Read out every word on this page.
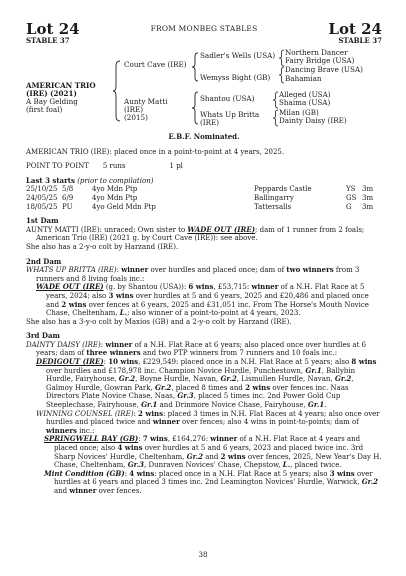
Lot 24	FROM MONBEG STABLES	Lot 24
STABLE 37	STABLE 37
AMERICAN TRIO
(IRE) (2021)
A Bay Gelding
(first foal)
Court Cave (IRE)
Aunty Matti
(IRE)
(2015)
Sadler's Wells (USA)
Wemyss Bight (GB)
Shantou (USA)
Whats Up Britta
(IRE)
Northern Dancer
Fairy Bridge (USA)
Dancing Brave (USA)
Bahamian
Alleged (USA)
Shaima (USA)
Milan (GB)
Dainty Daisy (IRE)
E.B.F. Nominated.

AMERICAN TRIO (IRE): placed once in a point-to-point at 4 years, 2025.

POINT TO POINT 5 runs	1 pl

Last 3 starts (prior to compilation)

25/10/25 5/8	4yo Mdn Ptp	Peppards Castle	YS 3m
24/05/25 6/9	4yo Mdn Ptp	Ballingarry	GS 3m
18/05/25 PU	4yo Geld Mdn Ptp	Tattersalls	G	3m
1st Dam

AUNTY MATTI (IRE): unraced; Own sister to WADE OUT (IRE); dam of 1 runner from 2 foals;

American Trio (IRE) (2021 g. by Court Cave (IRE)): see above.

She also has a 2-y-o colt by Harzand (IRE).

2nd Dam

WHATS UP BRITTA (IRE): winner over hurdles and placed once; dam of two winners from 3 runners and 8 living foals inc.:

WADE OUT (IRE) (g. by Shantou (USA)): 6 wins, £53,715: winner of a N.H. Flat Race at 5 years, 2024; also 3 wins over hurdles at 5 and 6 years, 2025 and £20,486 and placed once and 2 wins over fences at 6 years, 2025 and £31,051 inc. From The Horse's Mouth Novice Chase, Cheltenham, L.; also winner of a point-to-point at 4 years, 2023.

She also has a 3-y-o colt by Maxios (GB) and a 2-y-o colt by Harzand (IRE).

3rd Dam

DAINTY DAISY (IRE): winner of a N.H. Flat Race at 6 years; also placed once over hurdles at 6 years; dam of three winners and two PTP winners from 7 runners and 10 foals inc.:

DEDIGOUT (IRE): 10 wins, £229,549: placed once in a N.H. Flat Race at 5 years; also 8 wins over hurdles and £178,978 inc. Champion Novice Hurdle, Punchestown, Gr.1, Ballybin Hurdle, Fairyhouse, Gr.2, Boyne Hurdle, Navan, Gr.2, Lismullen Hurdle, Navan, Gr.2, Galmoy Hurdle, Gowran Park, Gr.2, placed 8 times and 2 wins over fences inc. Naas Directors Plate Novice Chase, Naas, Gr.3, placed 5 times inc. 2nd Power Gold Cup Steeplechase, Fairyhouse, Gr.1 and Drinmore Novice Chase, Fairyhouse, Gr.1.

WINNING COUNSEL (IRE): 2 wins: placed 3 times in N.H. Flat Races at 4 years; also once over hurdles and placed twice and winner over fences; also 4 wins in point-to-points; dam of winners inc.:

SPRINGWELL BAY (GB): 7 wins, £164,276: winner of a N.H. Flat Race at 4 years and placed once; also 4 wins over hurdles at 5 and 6 years, 2023 and placed twice inc. 3rd Sharp Novices' Hurdle, Cheltenham, Gr.2 and 2 wins over fences, 2025, New Year's Day H. Chase, Cheltenham, Gr.3, Dunraven Novices' Chase, Chepstow, L., placed twice.

Mint Condition (GB): 4 wins: placed once in a N.H. Flat Race at 5 years; also 3 wins over hurdles at 6 years and placed 3 times inc. 2nd Leamington Novices' Hurdle, Warwick, Gr.2 and winner over fences.

38
